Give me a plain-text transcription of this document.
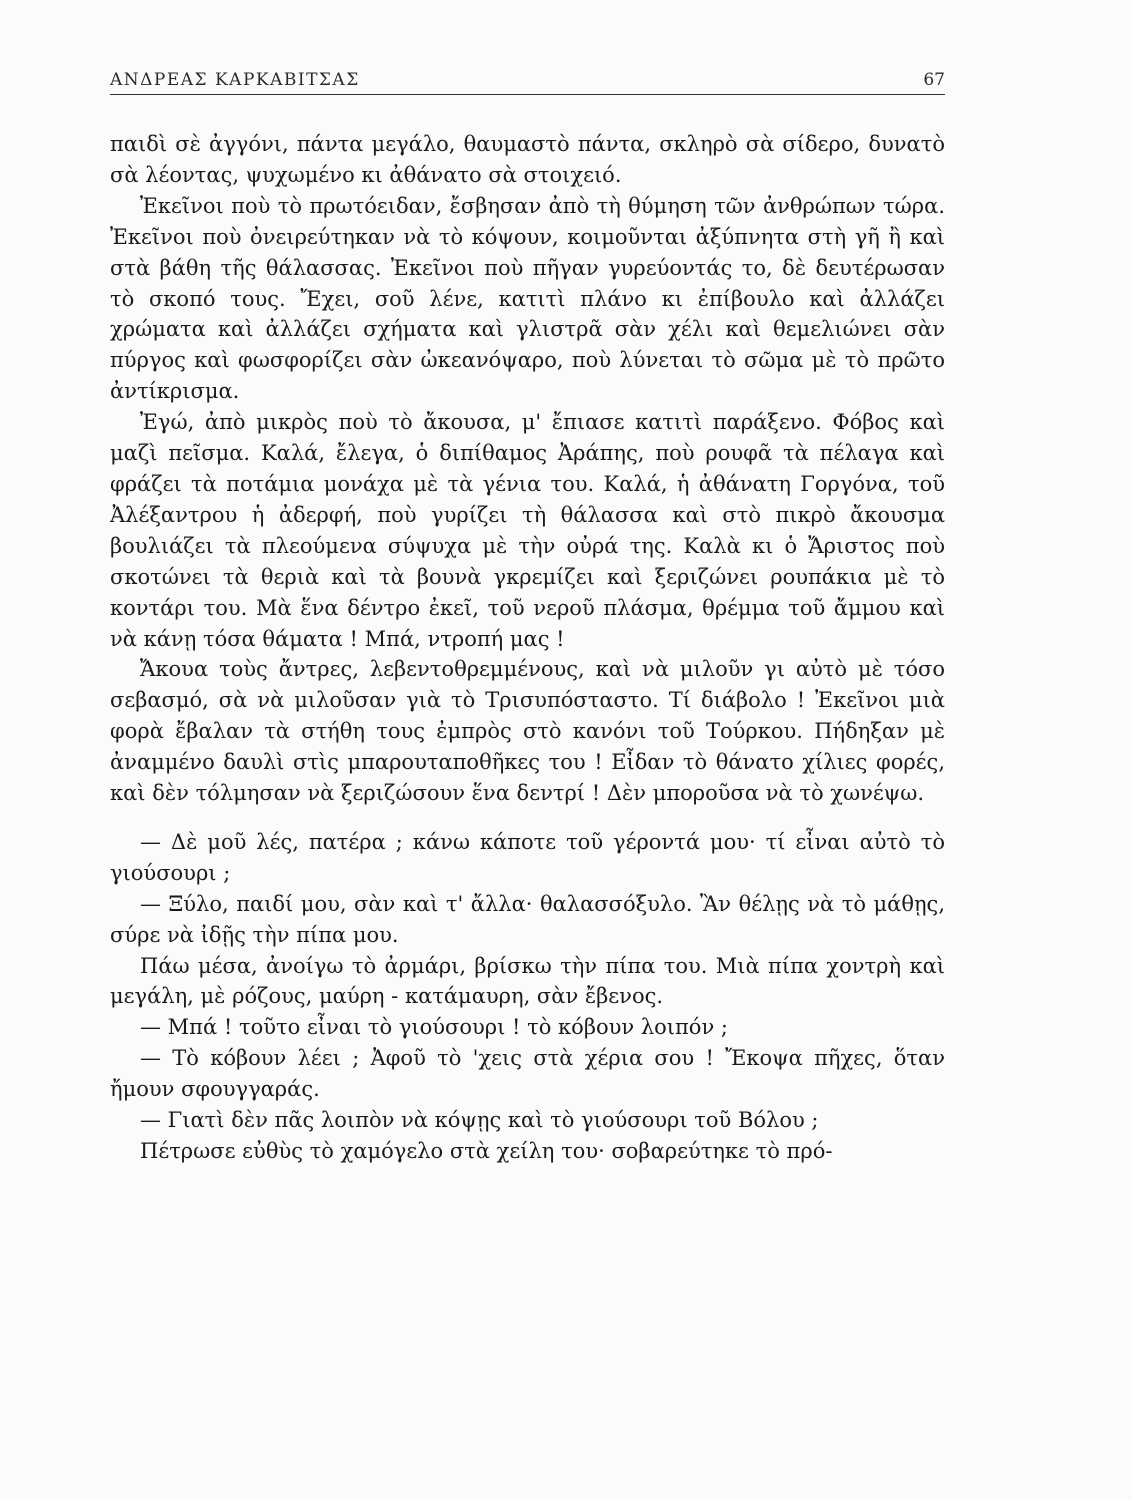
ΑΝΔΡΕΑΣ ΚΑΡΚΑΒΙΤΣΑΣ	67

παιδὶ σὲ ἀγγόνι, πάντα μεγάλο, θαυμαστὸ πάντα, σκληρὸ σὰ σίδερο, δυνατὸ σὰ λέοντας, ψυχωμένο κι ἀθάνατο σὰ στοιχειό.

Ἐκεῖνοι ποὺ τὸ πρωτόειδαν, ἔσβησαν ἀπὸ τὴ θύμηση τῶν ἀνθρώπων τώρα. Ἐκεῖνοι ποὺ ὀνειρεύτηκαν νὰ τὸ κόψουν, κοιμοῦνται ἀξύπνητα στὴ γῆ ἢ καὶ στὰ βάθη τῆς θάλασσας. Ἐκεῖνοι ποὺ πῆγαν γυρεύοντάς το, δὲ δευτέρωσαν τὸ σκοπό τους. Ἔχει, σοῦ λένε, κατιτὶ πλάνο κι ἐπίβουλο καὶ ἀλλάζει χρώματα καὶ ἀλλάζει σχήματα καὶ γλιστρᾶ σὰν χέλι καὶ θεμελιώνει σὰν πύργος καὶ φωσφορίζει σὰν ὠκεανόψαρο, ποὺ λύνεται τὸ σῶμα μὲ τὸ πρῶτο ἀντίκρισμα.

Ἐγώ, ἀπὸ μικρὸς ποὺ τὸ ἄκουσα, μ' ἔπιασε κατιτὶ παράξενο. Φόβος καὶ μαζὶ πεῖσμα. Καλά, ἔλεγα, ὁ διπίθαμος Ἀράπης, ποὺ ρουφᾶ τὰ πέλαγα καὶ φράζει τὰ ποτάμια μονάχα μὲ τὰ γένια του. Καλά, ἡ ἀθάνατη Γοργόνα, τοῦ Ἀλέξαντρου ἡ ἀδερφή, ποὺ γυρίζει τὴ θάλασσα καὶ στὸ πικρὸ ἄκουσμα βουλιάζει τὰ πλεούμενα σύψυχα μὲ τὴν οὐρά της. Καλὰ κι ὁ Ἄριστος ποὺ σκοτώνει τὰ θεριὰ καὶ τὰ βουνὰ γκρεμίζει καὶ ξεριζώνει ρουπάκια μὲ τὸ κοντάρι του. Μὰ ἕνα δέντρο ἐκεῖ, τοῦ νεροῦ πλάσμα, θρέμμα τοῦ ἄμμου καὶ νὰ κάνῃ τόσα θάματα ! Μπά, ντροπή μας !

Ἄκουα τοὺς ἄντρες, λεβεντοθρεμμένους, καὶ νὰ μιλοῦν γι αὐτὸ μὲ τόσο σεβασμό, σὰ νὰ μιλοῦσαν γιὰ τὸ Τρισυπόσταστο. Τί διάβολο ! Ἐκεῖνοι μιὰ φορὰ ἔβαλαν τὰ στήθη τους ἐμπρὸς στὸ κανόνι τοῦ Τούρκου. Πήδηξαν μὲ ἀναμμένο δαυλὶ στὶς μπαρουταποθῆκες του ! Εἶδαν τὸ θάνατο χίλιες φορές, καὶ δὲν τόλμησαν νὰ ξεριζώσουν ἕνα δεντρί ! Δὲν μποροῦσα νὰ τὸ χωνέψω.

— Δὲ μοῦ λές, πατέρα ; κάνω κάποτε τοῦ γέροντά μου· τί εἶναι αὐτὸ τὸ γιούσουρι ;

— Ξύλο, παιδί μου, σὰν καὶ τ' ἄλλα· θαλασσόξυλο. Ἂν θέλῃς νὰ τὸ μάθῃς, σύρε νὰ ἰδῇς τὴν πίπα μου.

Πάω μέσα, ἀνοίγω τὸ ἀρμάρι, βρίσκω τὴν πίπα του. Μιὰ πίπα χοντρὴ καὶ μεγάλη, μὲ ρόζους, μαύρη - κατάμαυρη, σὰν ἔβενος.

— Μπά ! τοῦτο εἶναι τὸ γιούσουρι ! τὸ κόβουν λοιπόν ;

— Τὸ κόβουν λέει ; Ἀφοῦ τὸ 'χεις στὰ χέρια σου ! Ἔκοψα πῆχες, ὅταν ἤμουν σφουγγαράς.

— Γιατὶ δὲν πᾶς λοιπὸν νὰ κόψῃς καὶ τὸ γιούσουρι τοῦ Βόλου ;

Πέτρωσε εὐθὺς τὸ χαμόγελο στὰ χείλη του· σοβαρεύτηκε τὸ πρό-
